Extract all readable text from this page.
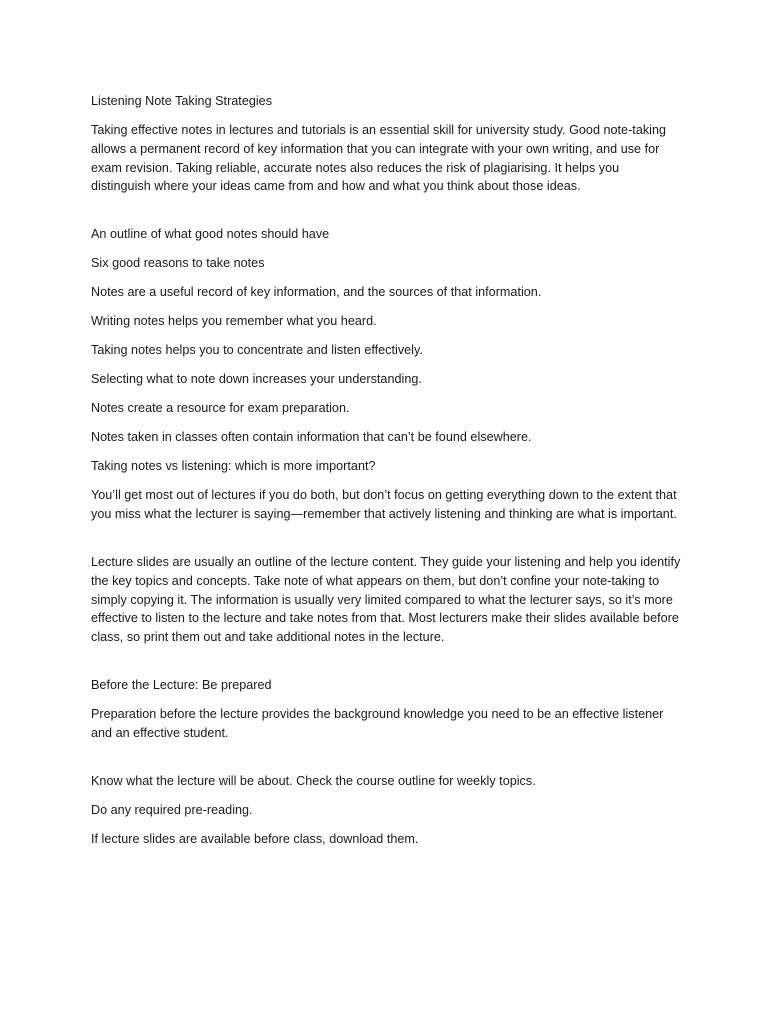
Listening Note Taking Strategies

Taking effective notes in lectures and tutorials is an essential skill for university study. Good note-taking allows a permanent record of key information that you can integrate with your own writing, and use for exam revision. Taking reliable, accurate notes also reduces the risk of plagiarising. It helps you distinguish where your ideas came from and how and what you think about those ideas.

An outline of what good notes should have

Six good reasons to take notes

Notes are a useful record of key information, and the sources of that information.

Writing notes helps you remember what you heard.

Taking notes helps you to concentrate and listen effectively.

Selecting what to note down increases your understanding.

Notes create a resource for exam preparation.

Notes taken in classes often contain information that can’t be found elsewhere.

Taking notes vs listening: which is more important?

You’ll get most out of lectures if you do both, but don’t focus on getting everything down to the extent that you miss what the lecturer is saying—remember that actively listening and thinking are what is important.

Lecture slides are usually an outline of the lecture content. They guide your listening and help you identify the key topics and concepts. Take note of what appears on them, but don’t confine your note-taking to simply copying it. The information is usually very limited compared to what the lecturer says, so it’s more effective to listen to the lecture and take notes from that. Most lecturers make their slides available before class, so print them out and take additional notes in the lecture.

Before the Lecture: Be prepared

Preparation before the lecture provides the background knowledge you need to be an effective listener and an effective student.

Know what the lecture will be about. Check the course outline for weekly topics.

Do any required pre-reading.

If lecture slides are available before class, download them.
